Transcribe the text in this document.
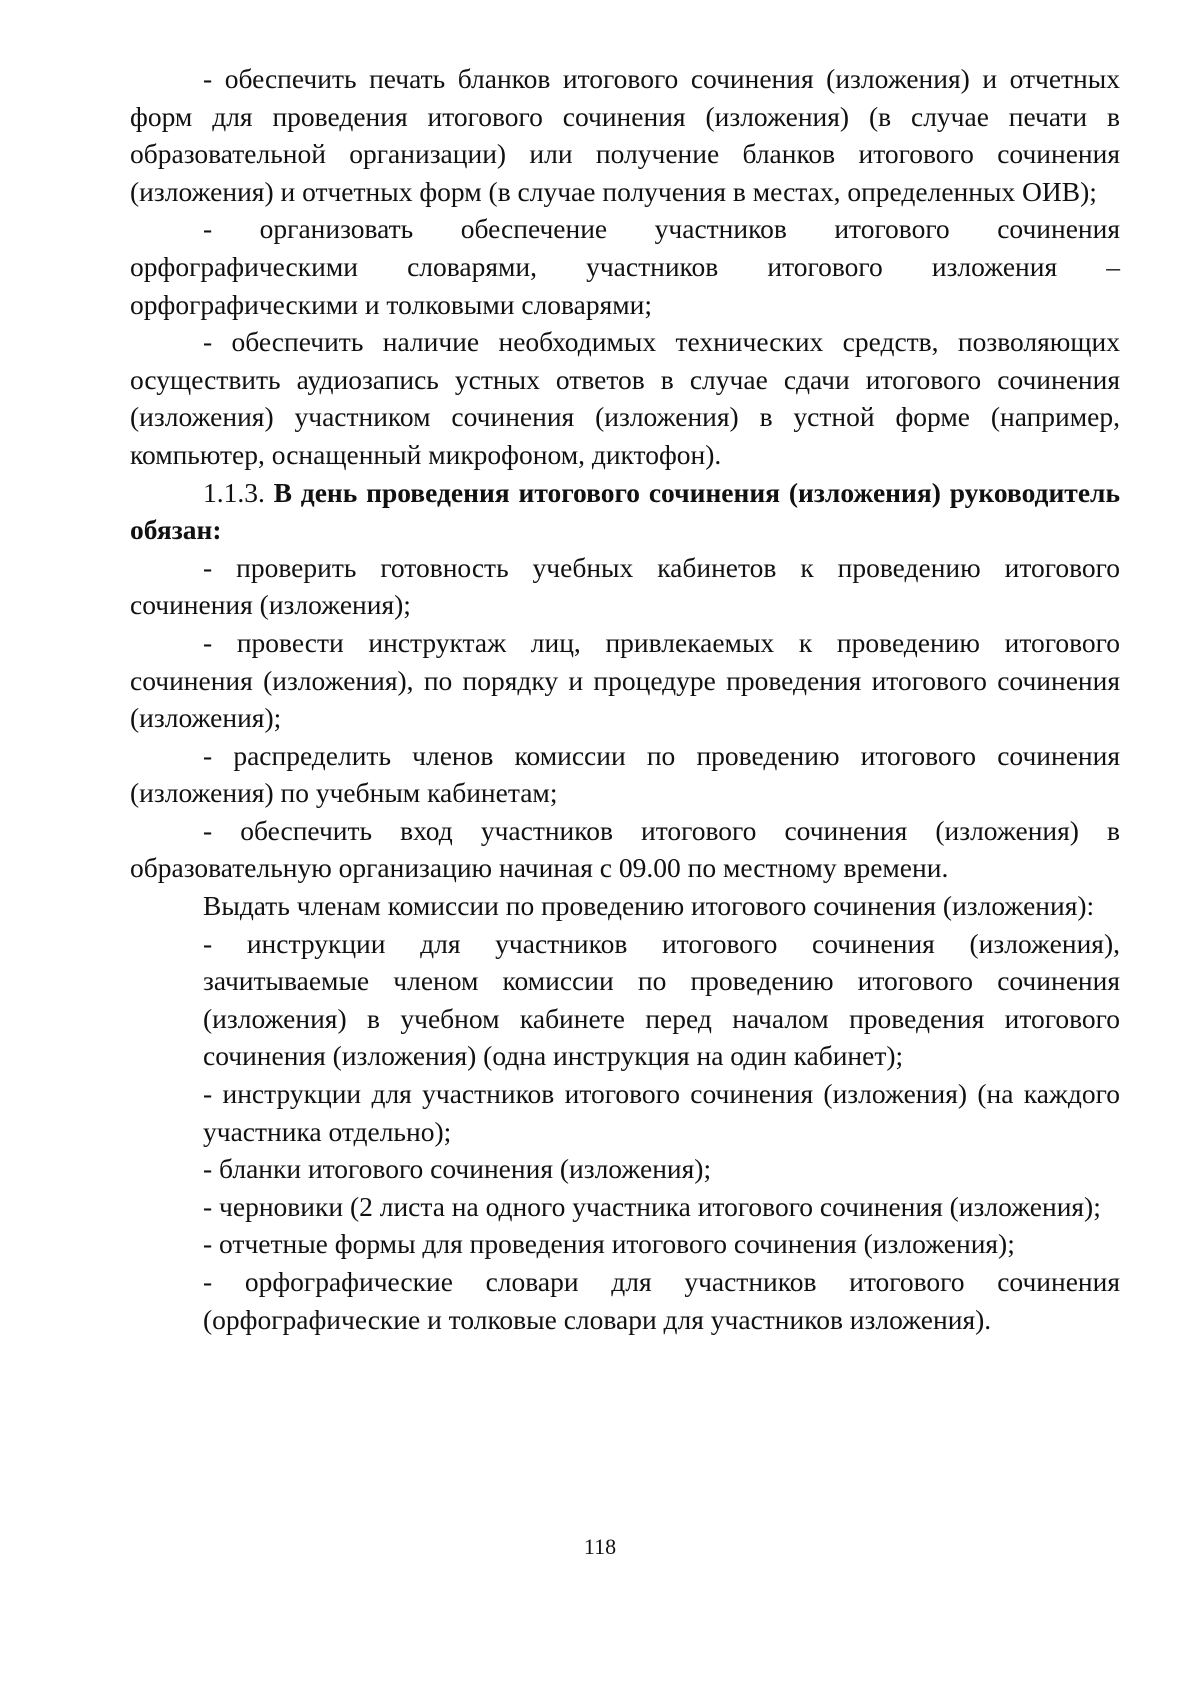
- обеспечить печать бланков итогового сочинения (изложения) и отчетных форм для проведения итогового сочинения (изложения) (в случае печати в образовательной организации) или получение бланков итогового сочинения (изложения) и отчетных форм (в случае получения в местах, определенных ОИВ);

- организовать обеспечение участников итогового сочинения орфографическими словарями, участников итогового изложения – орфографическими и толковыми словарями;

- обеспечить наличие необходимых технических средств, позволяющих осуществить аудиозапись устных ответов в случае сдачи итогового сочинения (изложения) участником сочинения (изложения) в устной форме (например, компьютер, оснащенный микрофоном, диктофон).

1.1.3. В день проведения итогового сочинения (изложения) руководитель обязан:

- проверить готовность учебных кабинетов к проведению итогового сочинения (изложения);

- провести инструктаж лиц, привлекаемых к проведению итогового сочинения (изложения), по порядку и процедуре проведения итогового сочинения (изложения);

- распределить членов комиссии по проведению итогового сочинения (изложения) по учебным кабинетам;

- обеспечить вход участников итогового сочинения (изложения) в образовательную организацию начиная с 09.00 по местному времени.

Выдать членам комиссии по проведению итогового сочинения (изложения):

- инструкции для участников итогового сочинения (изложения), зачитываемые членом комиссии по проведению итогового сочинения (изложения) в учебном кабинете перед началом проведения итогового сочинения (изложения) (одна инструкция на один кабинет);

- инструкции для участников итогового сочинения (изложения) (на каждого участника отдельно);

- бланки итогового сочинения (изложения);

- черновики (2 листа на одного участника итогового сочинения (изложения);

- отчетные формы для проведения итогового сочинения (изложения);

- орфографические словари для участников итогового сочинения (орфографические и толковые словари для участников изложения).

118
